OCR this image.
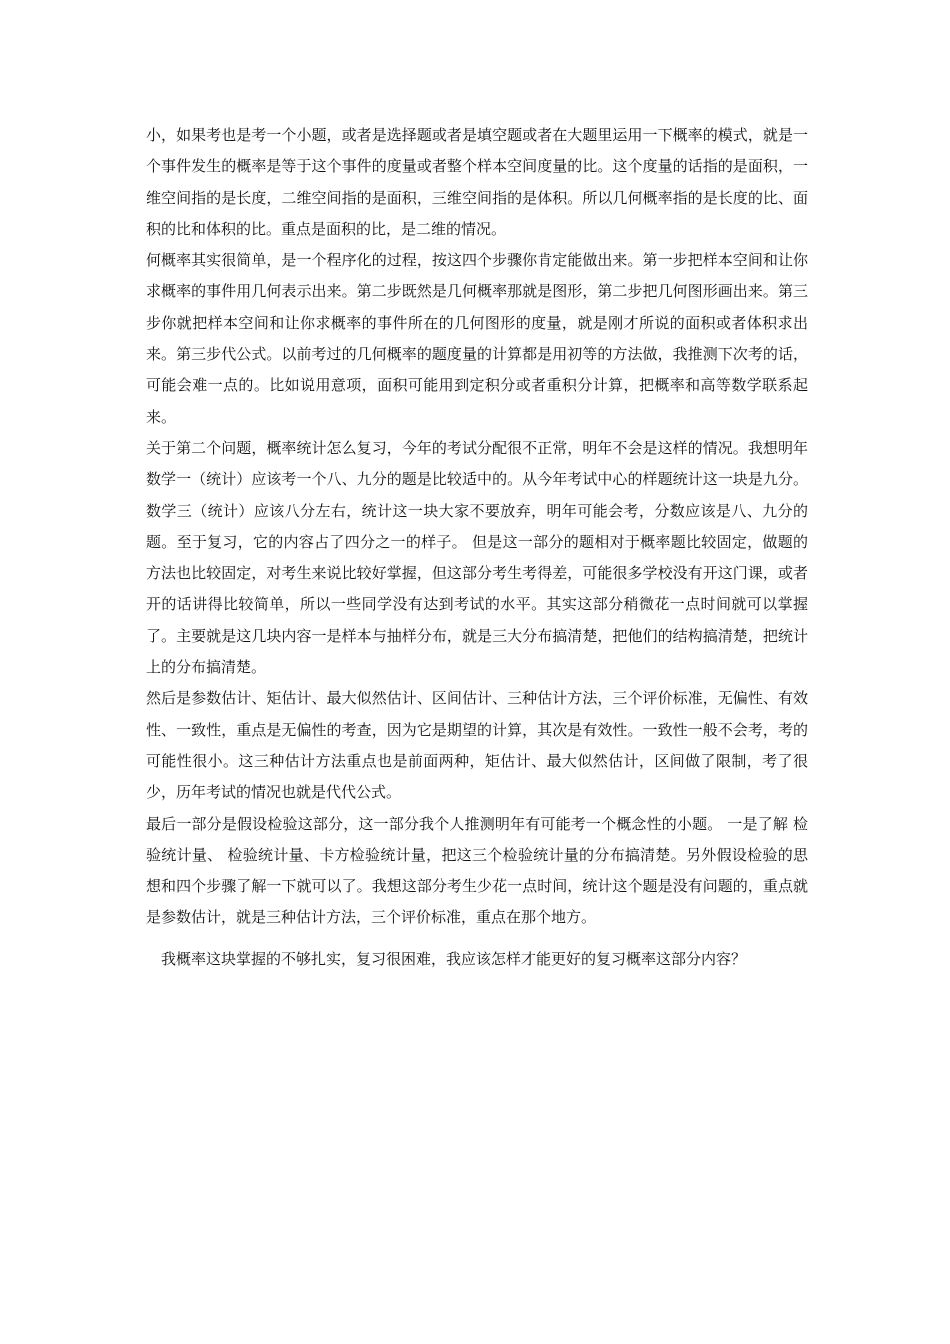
小，如果考也是考一个小题，或者是选择题或者是填空题或者在大题里运用一下概率的模式，就是一个事件发生的概率是等于这个事件的度量或者整个样本空间度量的比。这个度量的话指的是面积，一维空间指的是长度，二维空间指的是面积，三维空间指的是体积。所以几何概率指的是长度的比、面积的比和体积的比。重点是面积的比，是二维的情况。

何概率其实很简单，是一个程序化的过程，按这四个步骤你肯定能做出来。第一步把样本空间和让你求概率的事件用几何表示出来。第二步既然是几何概率那就是图形，第二步把几何图形画出来。第三步你就把样本空间和让你求概率的事件所在的几何图形的度量，就是刚才所说的面积或者体积求出来。第三步代公式。以前考过的几何概率的题度量的计算都是用初等的方法做，我推测下次考的话，可能会难一点的。比如说用意项，面积可能用到定积分或者重积分计算，把概率和高等数学联系起来。

关于第二个问题，概率统计怎么复习，今年的考试分配很不正常，明年不会是这样的情况。我想明年数学一（统计）应该考一个八、九分的题是比较适中的。从今年考试中心的样题统计这一块是九分。数学三（统计）应该八分左右，统计这一块大家不要放弃，明年可能会考，分数应该是八、九分的题。至于复习，它的内容占了四分之一的样子。 但是这一部分的题相对于概率题比较固定，做题的方法也比较固定，对考生来说比较好掌握，但这部分考生考得差，可能很多学校没有开这门课，或者开的话讲得比较简单，所以一些同学没有达到考试的水平。其实这部分稍微花一点时间就可以掌握了。主要就是这几块内容一是样本与抽样分布，就是三大分布搞清楚，把他们的结构搞清楚，把统计上的分布搞清楚。

然后是参数估计、矩估计、最大似然估计、区间估计、三种估计方法，三个评价标准，无偏性、有效性、一致性，重点是无偏性的考查，因为它是期望的计算，其次是有效性。一致性一般不会考，考的可能性很小。这三种估计方法重点也是前面两种，矩估计、最大似然估计，区间做了限制，考了很少，历年考试的情况也就是代代公式。

最后一部分是假设检验这部分，这一部分我个人推测明年有可能考一个概念性的小题。 一是了解 检验统计量、 检验统计量、卡方检验统计量，把这三个检验统计量的分布搞清楚。另外假设检验的思想和四个步骤了解一下就可以了。我想这部分考生少花一点时间，统计这个题是没有问题的，重点就是参数估计，就是三种估计方法，三个评价标准，重点在那个地方。

我概率这块掌握的不够扎实，复习很困难，我应该怎样才能更好的复习概率这部分内容？
